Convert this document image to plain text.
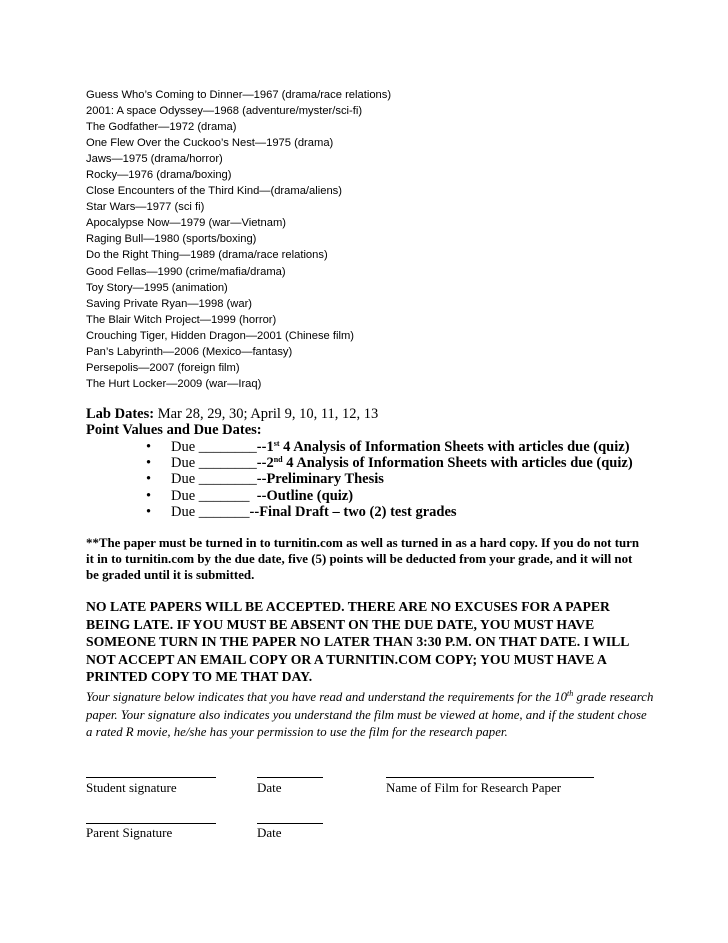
Guess Who’s Coming to Dinner—1967 (drama/race relations)
2001: A space Odyssey—1968 (adventure/myster/sci-fi)
The Godfather—1972 (drama)
One Flew Over the Cuckoo’s Nest—1975 (drama)
Jaws—1975 (drama/horror)
Rocky—1976 (drama/boxing)
Close Encounters of the Third Kind—(drama/aliens)
Star Wars—1977 (sci fi)
Apocalypse Now—1979 (war—Vietnam)
Raging Bull—1980 (sports/boxing)
Do the Right Thing—1989 (drama/race relations)
Good Fellas—1990 (crime/mafia/drama)
Toy Story—1995 (animation)
Saving Private Ryan—1998 (war)
The Blair Witch Project—1999 (horror)
Crouching Tiger, Hidden Dragon—2001 (Chinese film)
Pan’s Labyrinth—2006 (Mexico—fantasy)
Persepolis—2007 (foreign film)
The Hurt Locker—2009 (war—Iraq)
Lab Dates: Mar 28, 29, 30; April 9, 10, 11, 12, 13
Point Values and Due Dates:
• Due ________--1st 4 Analysis of Information Sheets with articles due (quiz)
• Due ________--2nd 4 Analysis of Information Sheets with articles due (quiz)
• Due ________--Preliminary Thesis
• Due _______  --Outline (quiz)
• Due _______--Final Draft – two (2) test grades
**The paper must be turned in to turnitin.com as well as turned in as a hard copy. If you do not turn it in to turnitin.com by the due date, five (5) points will be deducted from your grade, and it will not be graded until it is submitted.
NO LATE PAPERS WILL BE ACCEPTED. THERE ARE NO EXCUSES FOR A PAPER BEING LATE. IF YOU MUST BE ABSENT ON THE DUE DATE, YOU MUST HAVE SOMEONE TURN IN THE PAPER NO LATER THAN 3:30 P.M. ON THAT DATE. I WILL NOT ACCEPT AN EMAIL COPY OR A TURNITIN.COM COPY; YOU MUST HAVE A PRINTED COPY TO ME THAT DAY.
Your signature below indicates that you have read and understand the requirements for the 10th grade research paper. Your signature also indicates you understand the film must be viewed at home, and if the student chose a rated R movie, he/she has your permission to use the film for the research paper.
Student signature	Date	Name of Film for Research Paper
Parent Signature	Date
